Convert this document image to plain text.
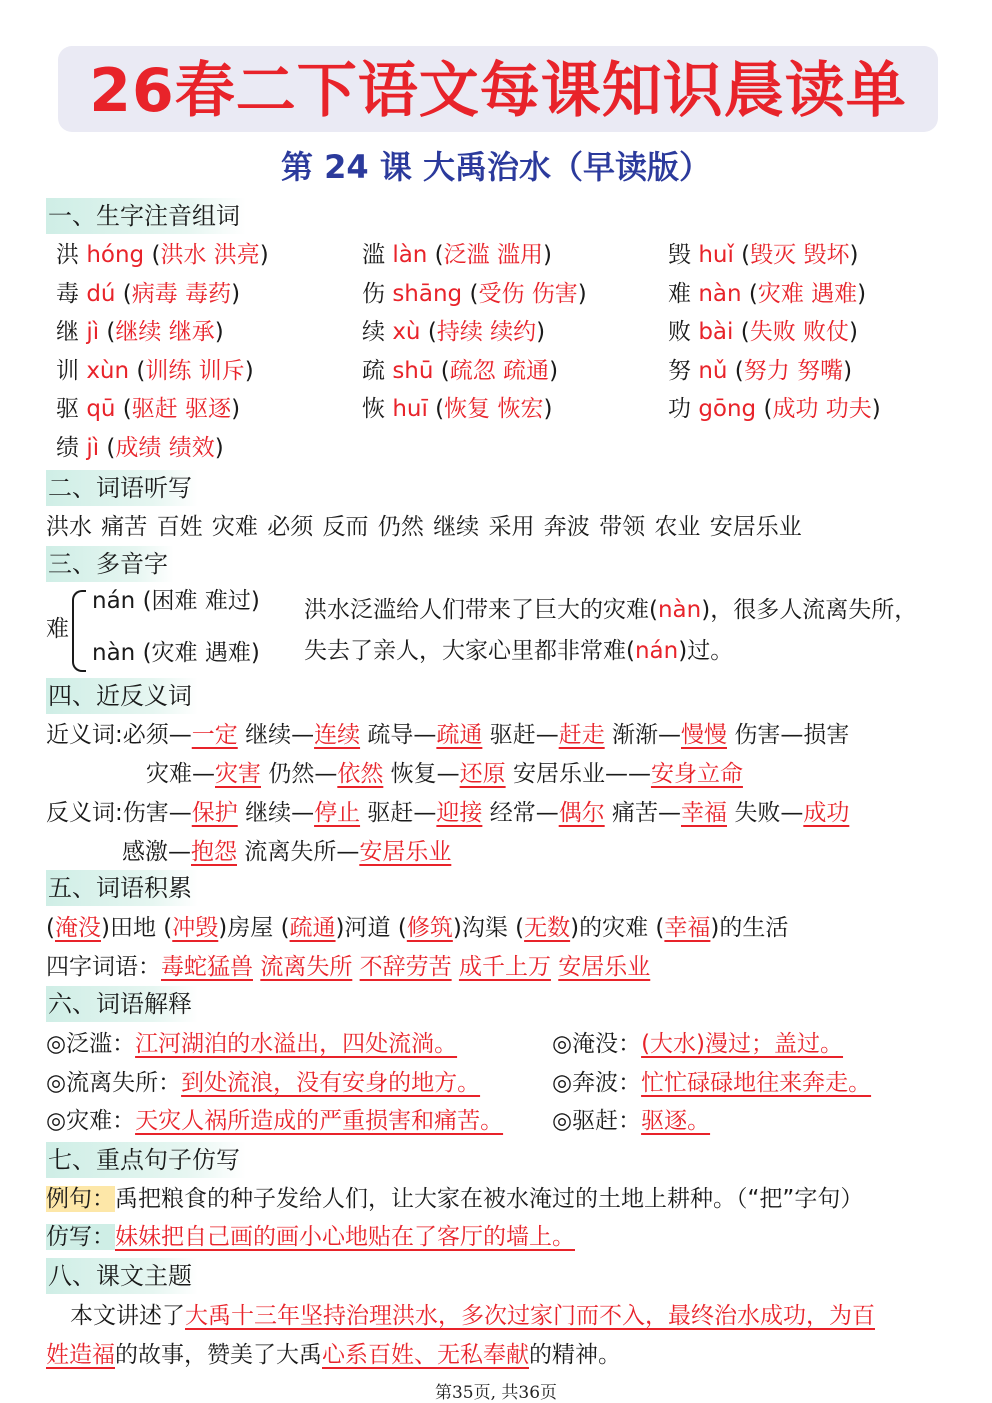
26春二下语文每课知识晨读单
第 24 课 大禹治水（早读版）
一、生字注音组词
洪 hóng (洪水 洪亮)	滥 làn (泛滥 滥用)	毁 huǐ (毁灭 毁坏)
毒 dú (病毒 毒药)	伤 shāng (受伤 伤害)	难 nàn (灾难 遇难)
继 jì (继续 继承)	续 xù (持续 续约)	败 bài (失败 败仗)
训 xùn (训练 训斥)	疏 shū (疏忽 疏通)	努 nǔ (努力 努嘴)
驱 qū (驱赶 驱逐)	恢 huī (恢复 恢宏)	功 gōng (成功 功夫)
绩 jì (成绩 绩效)
二、词语听写
洪水 痛苦 百姓 灾难 必须 反而 仍然 继续 采用 奔波 带领 农业 安居乐业
三、多音字
难
nán (困难 难过)
nàn (灾难 遇难)
洪水泛滥给人们带来了巨大的灾难(nàn)，很多人流离失所，
失去了亲人，大家心里都非常难(nán)过。
四、近反义词
近义词:必须—一定 继续—连续 疏导—疏通 驱赶—赶走 渐渐—慢慢 伤害—损害
灾难—灾害 仍然—依然 恢复—还原 安居乐业——安身立命
反义词:伤害—保护 继续—停止 驱赶—迎接 经常—偶尔 痛苦—幸福 失败—成功
感激—抱怨 流离失所—安居乐业
五、词语积累
(淹没)田地 (冲毁)房屋 (疏通)河道 (修筑)沟渠 (无数)的灾难 (幸福)的生活
四字词语：毒蛇猛兽 流离失所 不辞劳苦 成千上万 安居乐业
六、词语解释
◎泛滥：江河湖泊的水溢出，四处流淌。	◎淹没：(大水)漫过；盖过。
◎流离失所：到处流浪，没有安身的地方。	◎奔波：忙忙碌碌地往来奔走。
◎灾难：天灾人祸所造成的严重损害和痛苦。 ◎驱赶：驱逐。
七、重点句子仿写
例句：禹把粮食的种子发给人们，让大家在被水淹过的土地上耕种。（“把”字句）
仿写：妹妹把自己画的画小心地贴在了客厅的墙上。
八、课文主题
本文讲述了大禹十三年坚持治理洪水，多次过家门而不入，最终治水成功，为百
姓造福的故事，赞美了大禹心系百姓、无私奉献的精神。
第35页, 共36页
